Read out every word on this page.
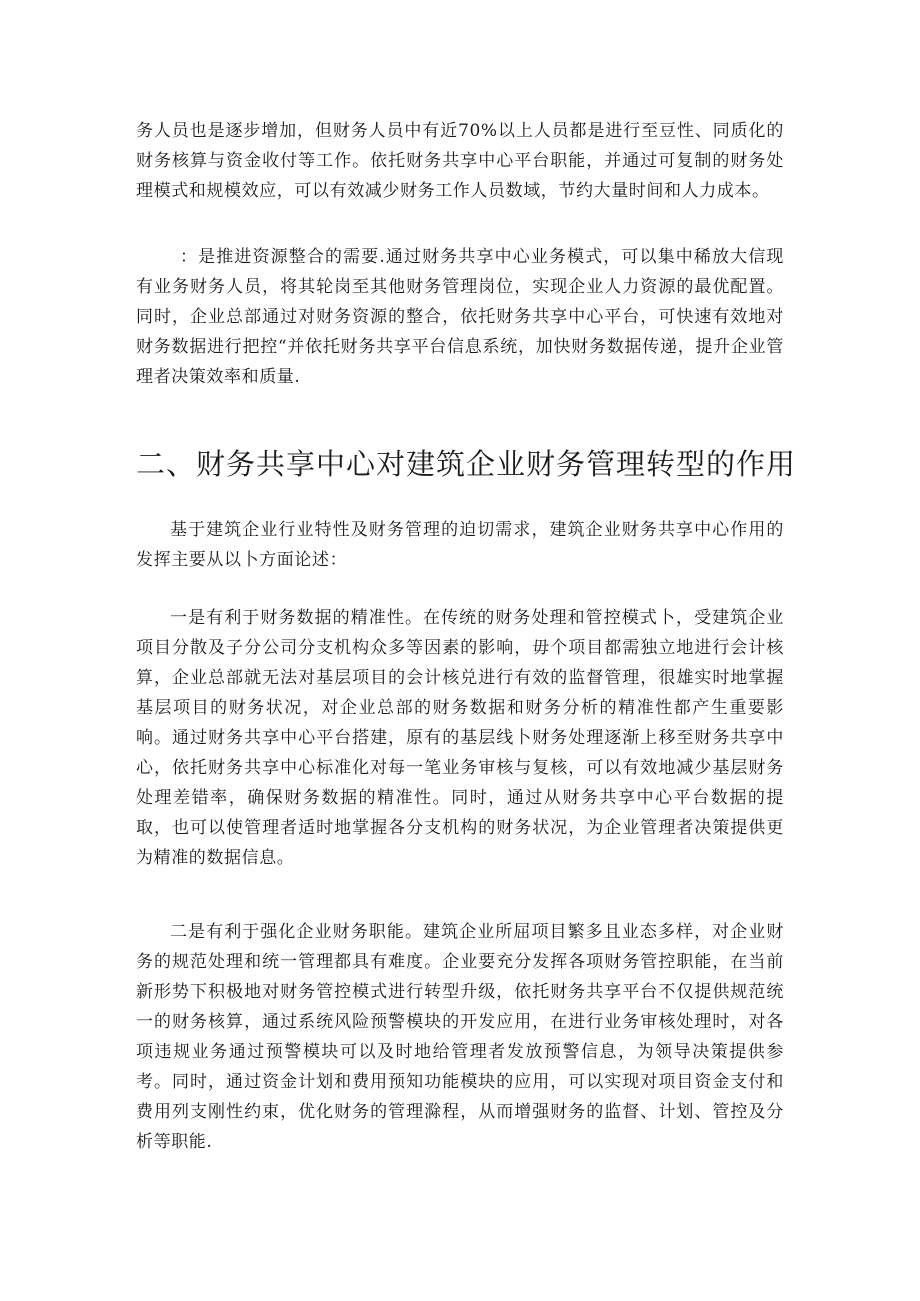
务人员也是逐步增加，但财务人员中有近70%以上人员都是进行至豆性、同质化的财务核算与资金收付等工作。依托财务共享中心平台职能，并通过可复制的财务处理模式和规模效应，可以有效减少财务工作人员数域，节约大量时间和人力成本。

：是推进资源整合的需要.通过财务共享中心业务模式，可以集中稀放大信现有业务财务人员，将其轮岗至其他财务管理岗位，实现企业人力资源的最优配置。同时，企业总部通过对财务资源的整合，依托财务共享中心平台，可快速有效地对财务数据进行把控“并依托财务共享平台信息系统，加快财务数据传递，提升企业管理者决策效率和质量.

二、财务共享中心对建筑企业财务管理转型的作用

基于建筑企业行业特性及财务管理的迫切需求，建筑企业财务共享中心作用的发挥主要从以卜方面论述：

一是有利于财务数据的精准性。在传统的财务处理和管控模式卜，受建筑企业项目分散及子分公司分支机构众多等因素的影响，毋个项目都需独立地进行会计核算，企业总部就无法对基层项目的会计核兑进行有效的监督管理，很雄实时地掌握基层项目的财务状况，对企业总部的财务数据和财务分析的精准性都产生重要影响。通过财务共享中心平台搭建，原有的基层线卜财务处理逐渐上移至财务共享中心，依托财务共享中心标准化对每一笔业务审核与复核，可以有效地减少基层财务处理差错率，确保财务数据的精准性。同时，通过从财务共享中心平台数据的提取，也可以使管理者适时地掌握各分支机构的财务状况，为企业管理者决策提供更为精准的数据信息。

二是有利于强化企业财务职能。建筑企业所屈项目繁多且业态多样，对企业财务的规范处理和统一管理都具有难度。企业要充分发挥各项财务管控职能，在当前新形势下积极地对财务管控模式进行转型升级，依托财务共享平台不仅提供规范统一的财务核算，通过系统风险预警模块的开发应用，在进行业务审核处理时，对各项违规业务通过预警模块可以及时地给管理者发放预警信息，为领导决策提供参考。同时，通过资金计划和费用预知功能模块的应用，可以实现对项目资金支付和费用列支刚性约束，优化财务的管理滁程，从而增强财务的监督、计划、管控及分析等职能.
